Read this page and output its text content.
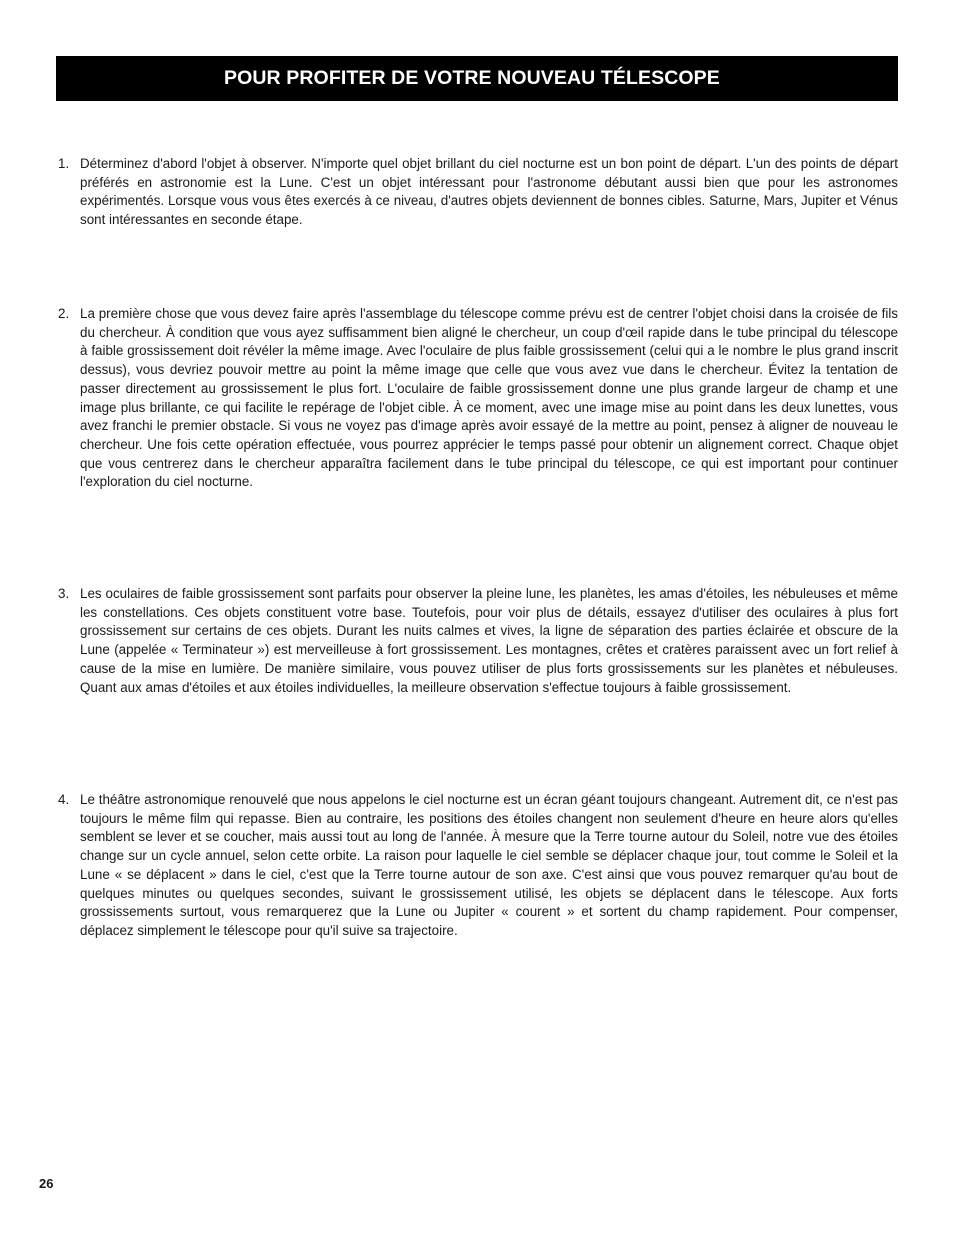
POUR PROFITER DE VOTRE NOUVEAU TÉLESCOPE
1. Déterminez d'abord l'objet à observer. N'importe quel objet brillant du ciel nocturne est un bon point de départ. L'un des points de départ préférés en astronomie est la Lune. C'est un objet intéressant pour l'astronome débutant aussi bien que pour les astronomes expérimentés. Lorsque vous vous êtes exercés à ce niveau, d'autres objets deviennent de bonnes cibles. Saturne, Mars, Jupiter et Vénus sont intéressantes en seconde étape.
2. La première chose que vous devez faire après l'assemblage du télescope comme prévu est de centrer l'objet choisi dans la croisée de fils du chercheur. À condition que vous ayez suffisamment bien aligné le chercheur, un coup d'œil rapide dans le tube principal du télescope à faible grossissement doit révéler la même image. Avec l'oculaire de plus faible grossissement (celui qui a le nombre le plus grand inscrit dessus), vous devriez pouvoir mettre au point la même image que celle que vous avez vue dans le chercheur. Évitez la tentation de passer directement au grossissement le plus fort. L'oculaire de faible grossissement donne une plus grande largeur de champ et une image plus brillante, ce qui facilite le repérage de l'objet cible. À ce moment, avec une image mise au point dans les deux lunettes, vous avez franchi le premier obstacle. Si vous ne voyez pas d'image après avoir essayé de la mettre au point, pensez à aligner de nouveau le chercheur. Une fois cette opération effectuée, vous pourrez apprécier le temps passé pour obtenir un alignement correct. Chaque objet que vous centrerez dans le chercheur apparaîtra facilement dans le tube principal du télescope, ce qui est important pour continuer l'exploration du ciel nocturne.
3. Les oculaires de faible grossissement sont parfaits pour observer la pleine lune, les planètes, les amas d'étoiles, les nébuleuses et même les constellations. Ces objets constituent votre base. Toutefois, pour voir plus de détails, essayez d'utiliser des oculaires à plus fort grossissement sur certains de ces objets. Durant les nuits calmes et vives, la ligne de séparation des parties éclairée et obscure de la Lune (appelée « Terminateur ») est merveilleuse à fort grossissement. Les montagnes, crêtes et cratères paraissent avec un fort relief à cause de la mise en lumière. De manière similaire, vous pouvez utiliser de plus forts grossissements sur les planètes et nébuleuses. Quant aux amas d'étoiles et aux étoiles individuelles, la meilleure observation s'effectue toujours à faible grossissement.
4. Le théâtre astronomique renouvelé que nous appelons le ciel nocturne est un écran géant toujours changeant. Autrement dit, ce n'est pas toujours le même film qui repasse. Bien au contraire, les positions des étoiles changent non seulement d'heure en heure alors qu'elles semblent se lever et se coucher, mais aussi tout au long de l'année. À mesure que la Terre tourne autour du Soleil, notre vue des étoiles change sur un cycle annuel, selon cette orbite. La raison pour laquelle le ciel semble se déplacer chaque jour, tout comme le Soleil et la Lune « se déplacent » dans le ciel, c'est que la Terre tourne autour de son axe. C'est ainsi que vous pouvez remarquer qu'au bout de quelques minutes ou quelques secondes, suivant le grossissement utilisé, les objets se déplacent dans le télescope. Aux forts grossissements surtout, vous remarquerez que la Lune ou Jupiter « courent » et sortent du champ rapidement. Pour compenser, déplacez simplement le télescope pour qu'il suive sa trajectoire.
26
